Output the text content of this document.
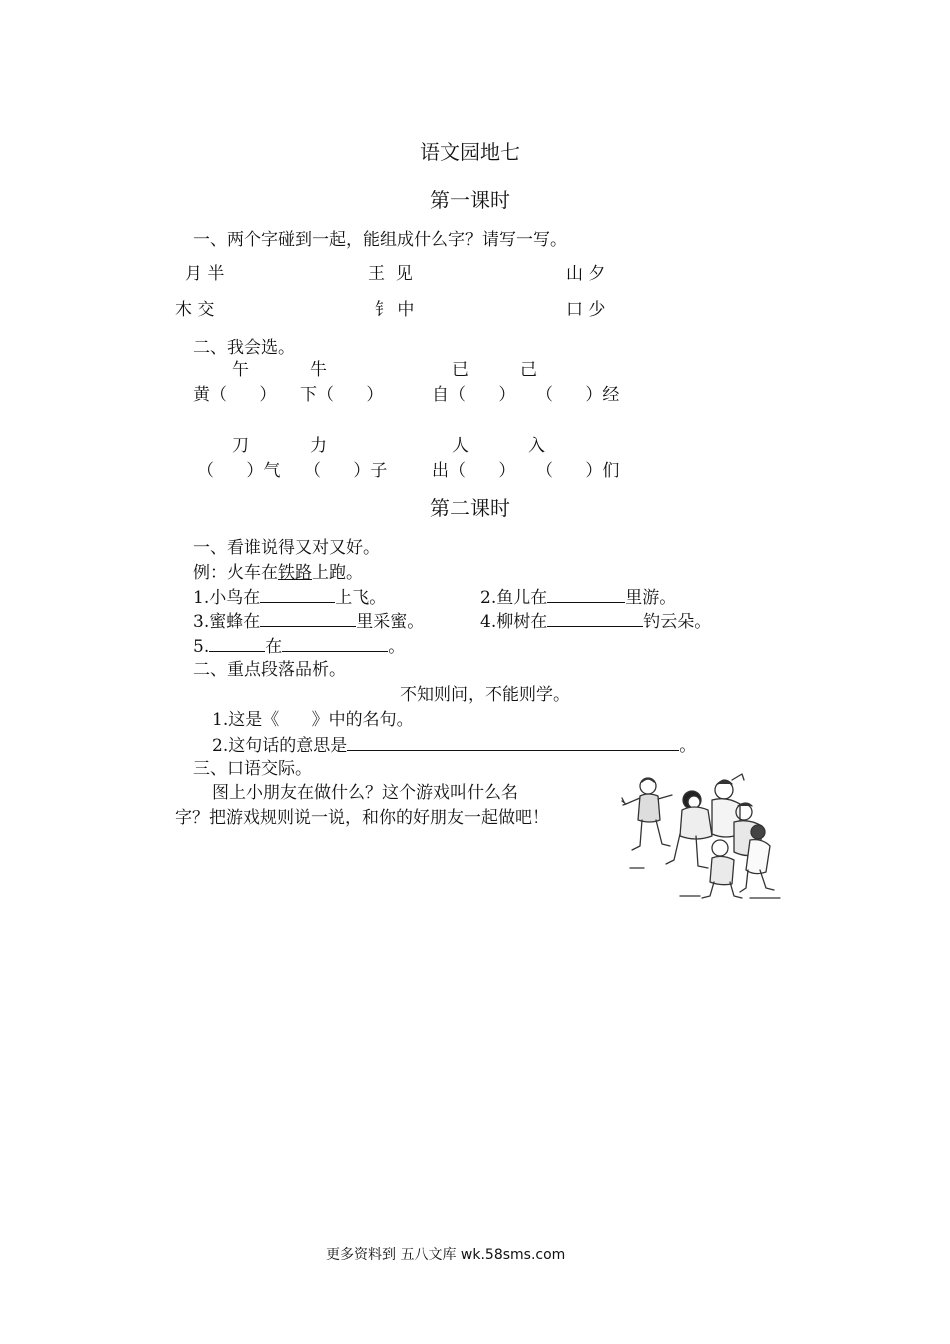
语文园地七
第一课时
一、两个字碰到一起，能组成什么字？请写一写。
月 半	王  见	山 夕
木 交	钅 中	口 少
二、我会选。
午	牛	已	己
黄（      ） 下（      ）	自（      ） （      ）经
刀	力	人	入
（      ）气 （      ）子	出（      ） （      ）们
第二课时
一、看谁说得又对又好。
例：火车在铁路上跑。
1.小鸟在	上飞。	2.鱼儿在	里游。
3.蜜蜂在	里采蜜。	4.柳树在	钓云朵。
5.	在	。
二、重点段落品析。
不知则问，不能则学。
1.这是《      》中的名句。
2.这句话的意思是	。
三、口语交际。
图上小朋友在做什么？这个游戏叫什么名
字？把游戏规则说一说，和你的好朋友一起做吧！
更多资料到 五八文库 wk.58sms.com
